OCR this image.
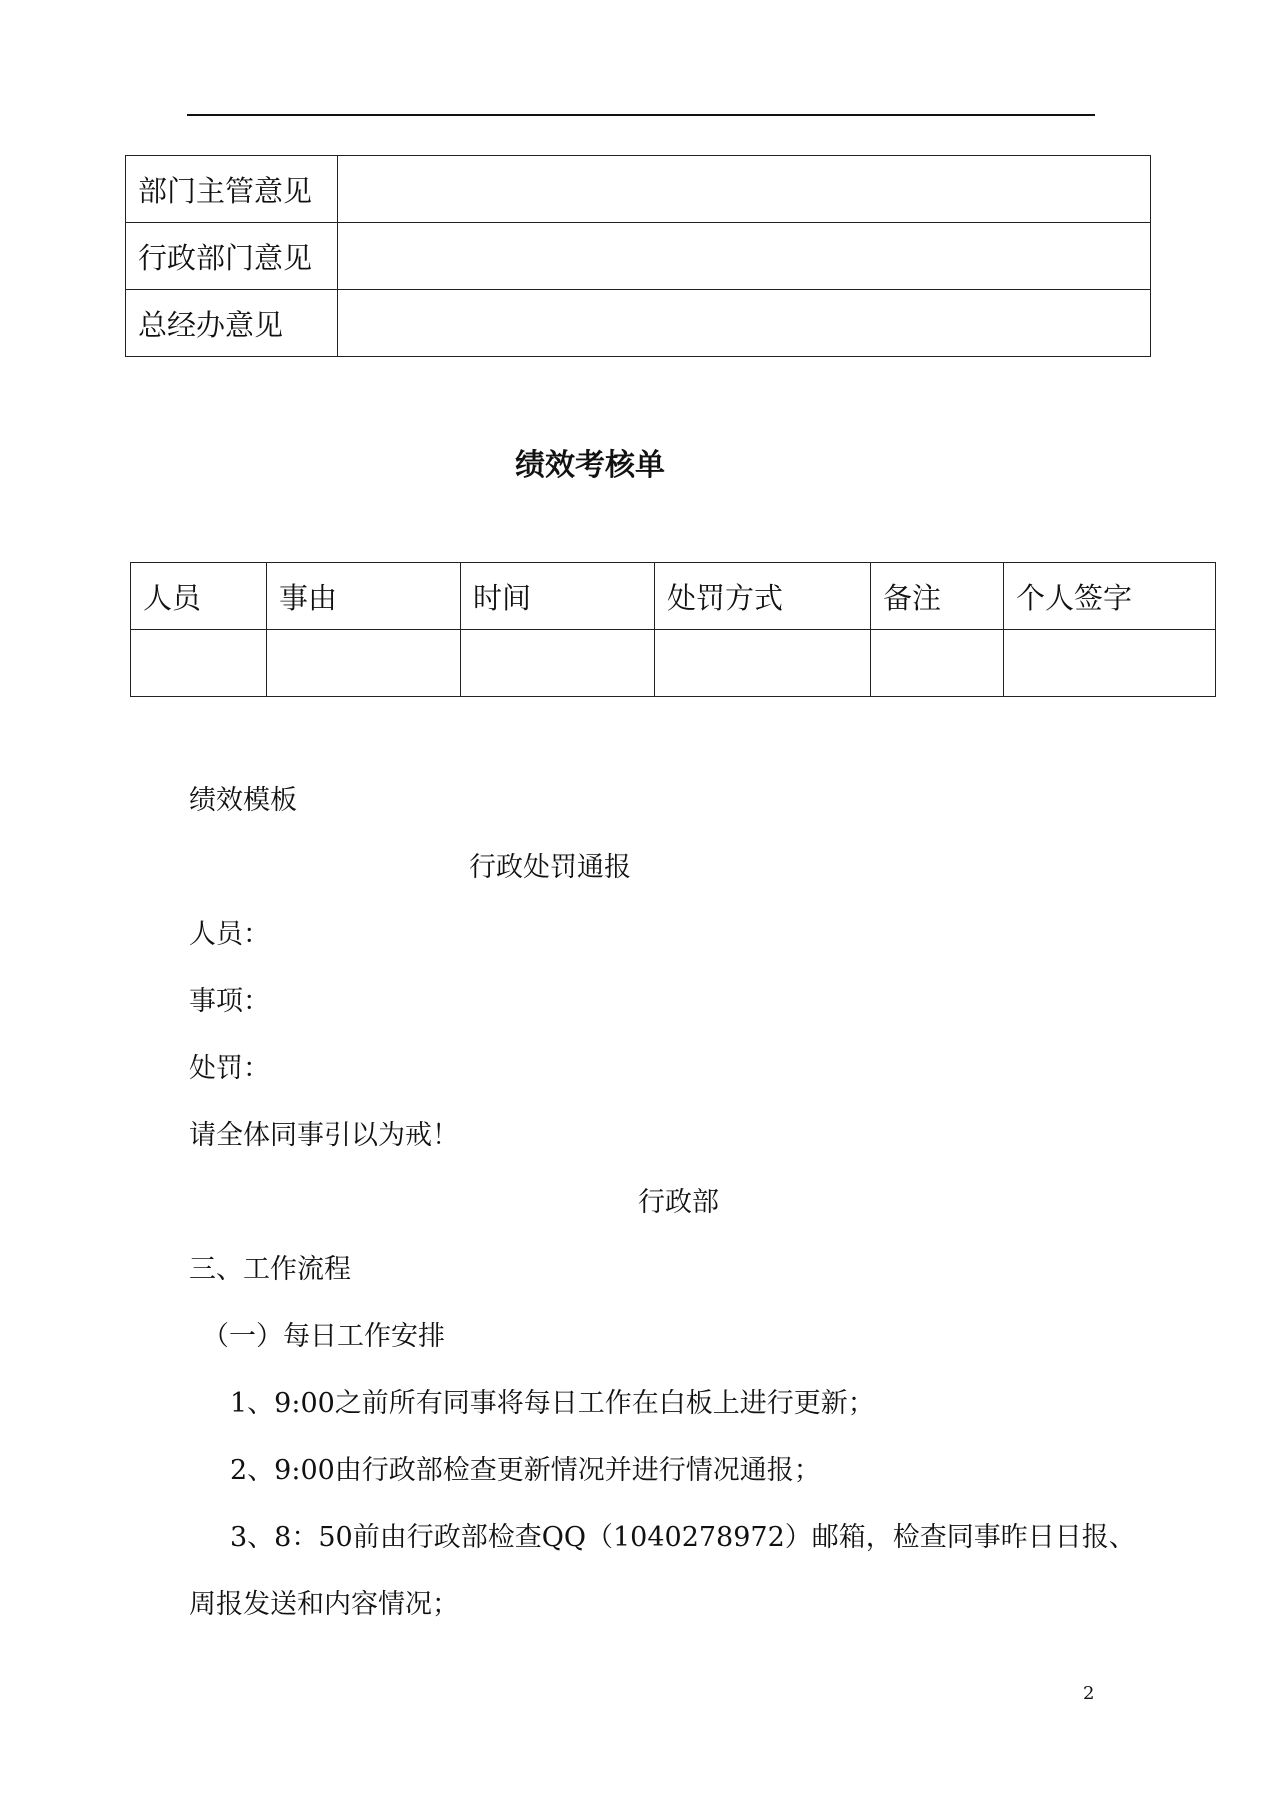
部门主管意见	
行政部门意见	
总经办意见	
绩效考核单
人员	事由	时间	处罚方式	备注	个人签字

绩效模板
行政处罚通报
人员：
事项：
处罚：
请全体同事引以为戒！
行政部
三、工作流程
（一）每日工作安排
1、9:00之前所有同事将每日工作在白板上进行更新；
2、9:00由行政部检查更新情况并进行情况通报；
3、8：50前由行政部检查QQ（1040278972）邮箱，检查同事昨日日报、
周报发送和内容情况；
2
